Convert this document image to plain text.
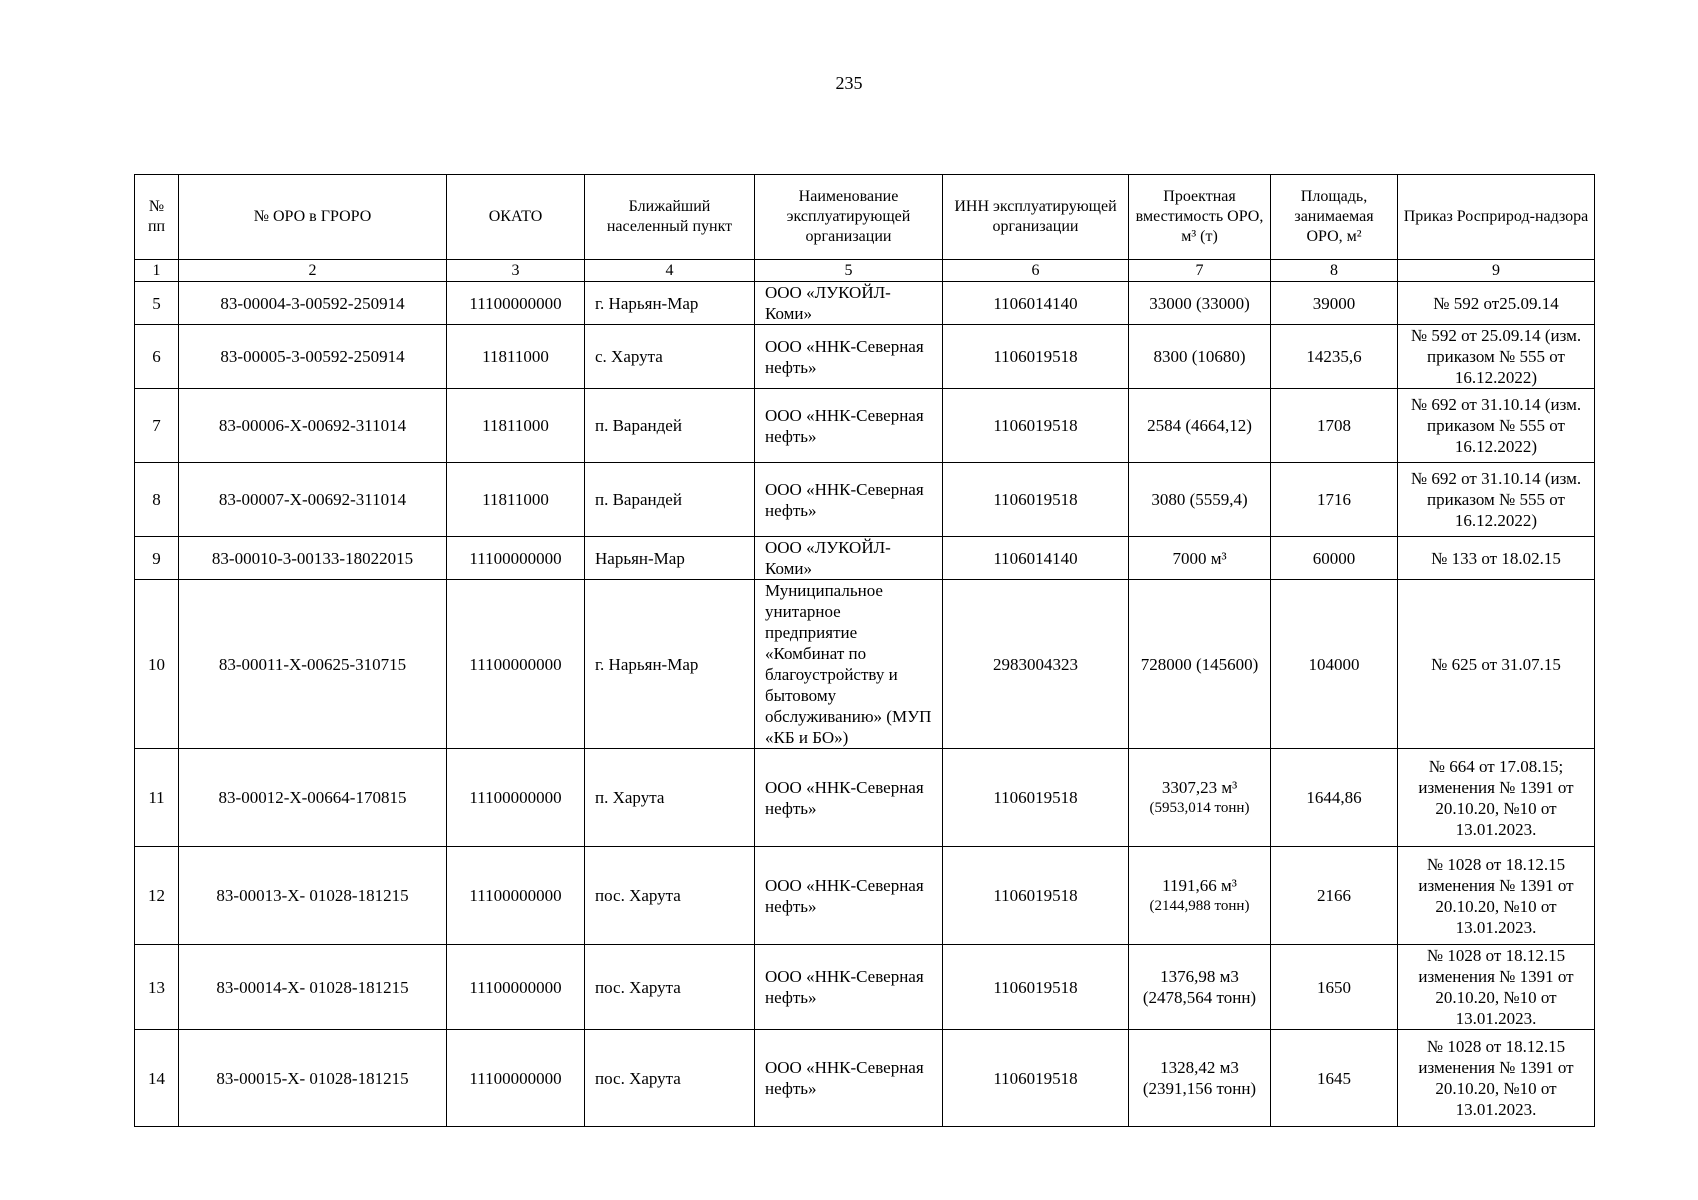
235
№ пп	№ ОРО в ГРОРО	ОКАТО	Ближайший населенный пункт	Наименование эксплуатирующей организации	ИНН эксплуатирующей организации	Проектная вместимость ОРО, м³ (т)	Площадь, занимаемая ОРО, м²	Приказ Росприрод-надзора
1	2	3	4	5	6	7	8	9
5	83-00004-3-00592-250914	11100000000	г. Нарьян-Мар	ООО «ЛУКОЙЛ-Коми»	1106014140	33000 (33000)	39000	№ 592 от25.09.14
6	83-00005-3-00592-250914	11811000	с. Харута	ООО «ННК-Северная нефть»	1106019518	8300 (10680)	14235,6	№ 592 от 25.09.14 (изм. приказом № 555 от 16.12.2022)
7	83-00006-Х-00692-311014	11811000	п. Варандей	ООО «ННК-Северная нефть»	1106019518	2584 (4664,12)	1708	№ 692 от 31.10.14 (изм. приказом № 555 от 16.12.2022)
8	83-00007-Х-00692-311014	11811000	п. Варандей	ООО «ННК-Северная нефть»	1106019518	3080 (5559,4)	1716	№ 692 от 31.10.14 (изм. приказом № 555 от 16.12.2022)
9	83-00010-3-00133-18022015	11100000000	Нарьян-Мар	ООО «ЛУКОЙЛ-Коми»	1106014140	7000 м³	60000	№ 133 от 18.02.15
10	83-00011-Х-00625-310715	11100000000	г. Нарьян-Мар	Муниципальное унитарное предприятие «Комбинат по благоустройству и бытовому обслуживанию» (МУП «КБ и БО»)	2983004323	728000 (145600)	104000	№ 625 от 31.07.15
11	83-00012-Х-00664-170815	11100000000	п. Харута	ООО «ННК-Северная нефть»	1106019518	3307,23 м³
(5953,014 тонн)	1644,86	№ 664 от 17.08.15; изменения № 1391 от 20.10.20, №10 от 13.01.2023.
12	83-00013-Х- 01028-181215	11100000000	пос. Харута	ООО «ННК-Северная нефть»	1106019518	1191,66 м³
(2144,988 тонн)	2166	№ 1028 от 18.12.15 изменения № 1391 от 20.10.20, №10 от 13.01.2023.
13	83-00014-Х- 01028-181215	11100000000	пос. Харута	ООО «ННК-Северная нефть»	1106019518	1376,98 м3 (2478,564 тонн)	1650	№ 1028 от 18.12.15 изменения № 1391 от 20.10.20, №10 от 13.01.2023.
14	83-00015-Х- 01028-181215	11100000000	пос. Харута	ООО «ННК-Северная нефть»	1106019518	1328,42 м3 (2391,156 тонн)	1645	№ 1028 от 18.12.15 изменения № 1391 от 20.10.20, №10 от 13.01.2023.
